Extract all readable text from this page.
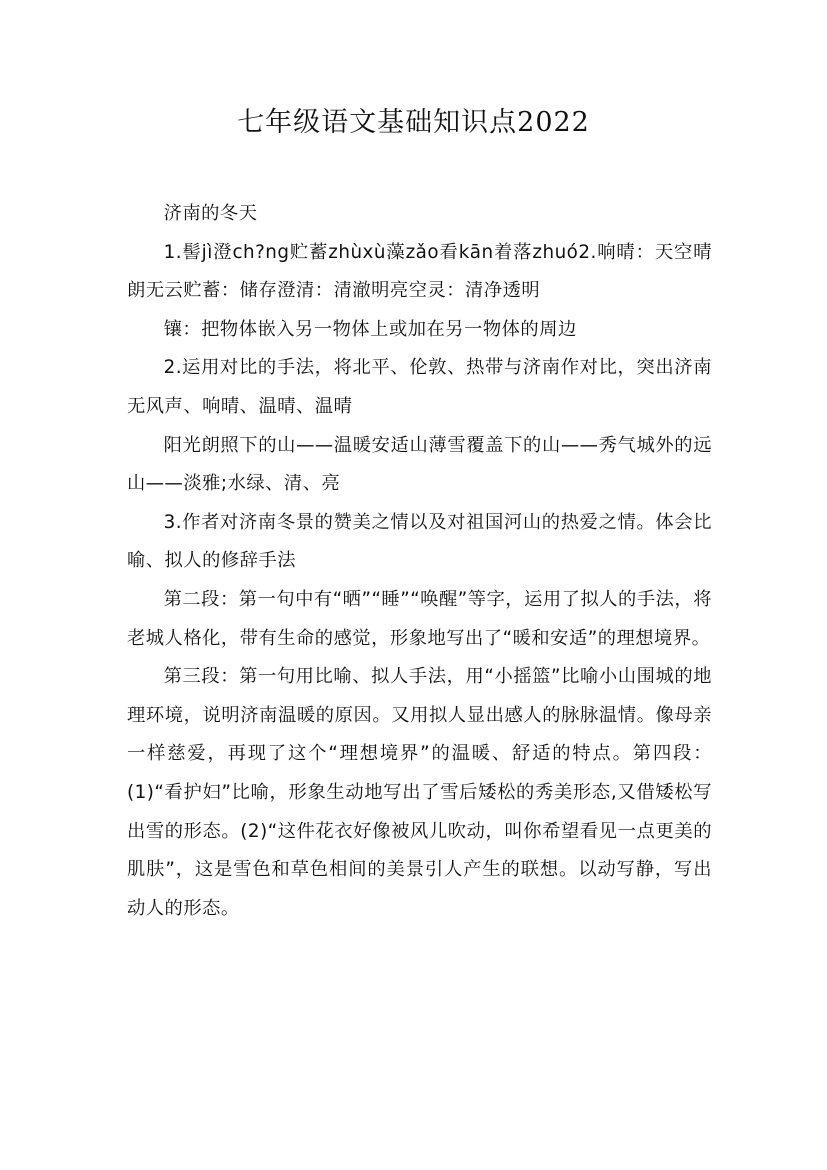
七年级语文基础知识点2022

济南的冬天

1.髻jì澄ch?ng贮蓄zhùxù藻zǎo看kān着落zhuó2.响晴：天空晴朗无云贮蓄：储存澄清：清澈明亮空灵：清净透明

镶：把物体嵌入另一物体上或加在另一物体的周边

2.运用对比的手法，将北平、伦敦、热带与济南作对比，突出济南无风声、响晴、温晴、温晴

阳光朗照下的山——温暖安适山薄雪覆盖下的山——秀气城外的远山——淡雅;水绿、清、亮

3.作者对济南冬景的赞美之情以及对祖国河山的热爱之情。体会比喻、拟人的修辞手法

第二段：第一句中有“晒”“睡”“唤醒”等字，运用了拟人的手法，将老城人格化，带有生命的感觉，形象地写出了“暖和安适”的理想境界。

第三段：第一句用比喻、拟人手法，用“小摇篮”比喻小山围城的地理环境，说明济南温暖的原因。又用拟人显出感人的脉脉温情。像母亲一样慈爱，再现了这个“理想境界”的温暖、舒适的特点。第四段：(1)“看护妇”比喻，形象生动地写出了雪后矮松的秀美形态,又借矮松写出雪的形态。(2)“这件花衣好像被风儿吹动，叫你希望看见一点更美的肌肤”，这是雪色和草色相间的美景引人产生的联想。以动写静，写出动人的形态。
